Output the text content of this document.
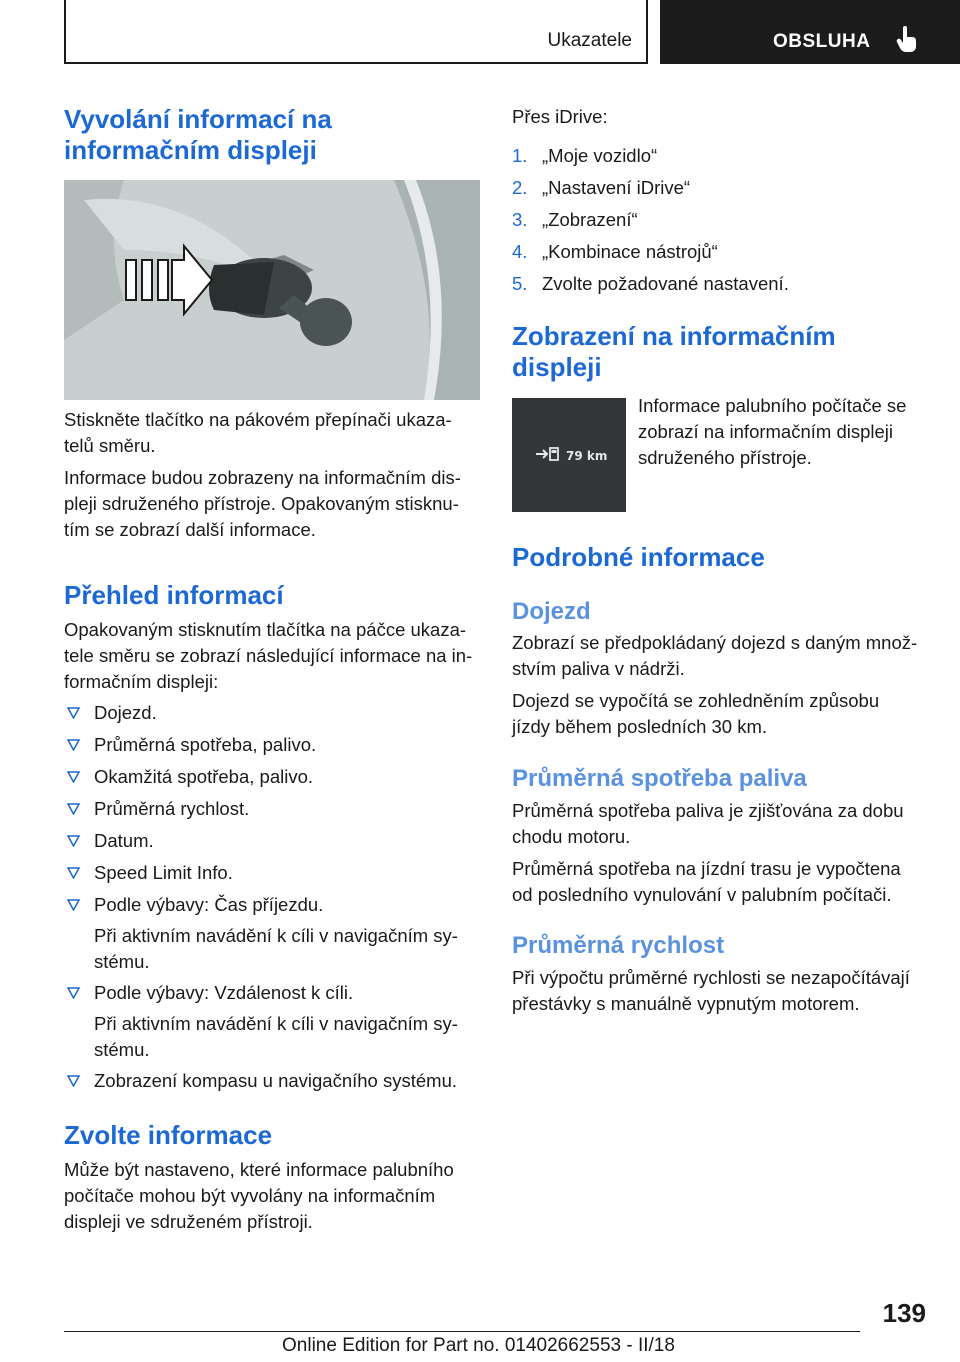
Ukazatele	OBSLUHA
Vyvolání informací na informačním displeji
Stiskněte tlačítko na pákovém přepínači ukaza-
telů směru.
Informace budou zobrazeny na informačním dis-
pleji sdruženého přístroje. Opakovaným stisknu-
tím se zobrazí další informace.
Přehled informací
Opakovaným stisknutím tlačítka na páčce ukaza-
tele směru se zobrazí následující informace na in-
formačním displeji:
Dojezd.
Průměrná spotřeba, palivo.
Okamžitá spotřeba, palivo.
Průměrná rychlost.
Datum.
Speed Limit Info.
Podle výbavy: Čas příjezdu.
Při aktivním navádění k cíli v navigačním sy-
stému.
Podle výbavy: Vzdálenost k cíli.
Při aktivním navádění k cíli v navigačním sy-
stému.
Zobrazení kompasu u navigačního systému.
Zvolte informace
Může být nastaveno, které informace palubního
počítače mohou být vyvolány na informačním
displeji ve sdruženém přístroji.
Přes iDrive:
1. „Moje vozidlo“
2. „Nastavení iDrive“
3. „Zobrazení“
4. „Kombinace nástrojů“
5. Zvolte požadované nastavení.
Zobrazení na informačním
displeji
79 km
Informace palubního počítače se
zobrazí na informačním displeji
sdruženého přístroje.
Podrobné informace
Dojezd
Zobrazí se předpokládaný dojezd s daným množ-
stvím paliva v nádrži.
Dojezd se vypočítá se zohledněním způsobu
jízdy během posledních 30 km.
Průměrná spotřeba paliva
Průměrná spotřeba paliva je zjišťována za dobu
chodu motoru.
Průměrná spotřeba na jízdní trasu je vypočtena
od posledního vynulování v palubním počítači.
Průměrná rychlost
Při výpočtu průměrné rychlosti se nezapočítávají
přestávky s manuálně vypnutým motorem.
139
Online Edition for Part no. 01402662553 - II/18
